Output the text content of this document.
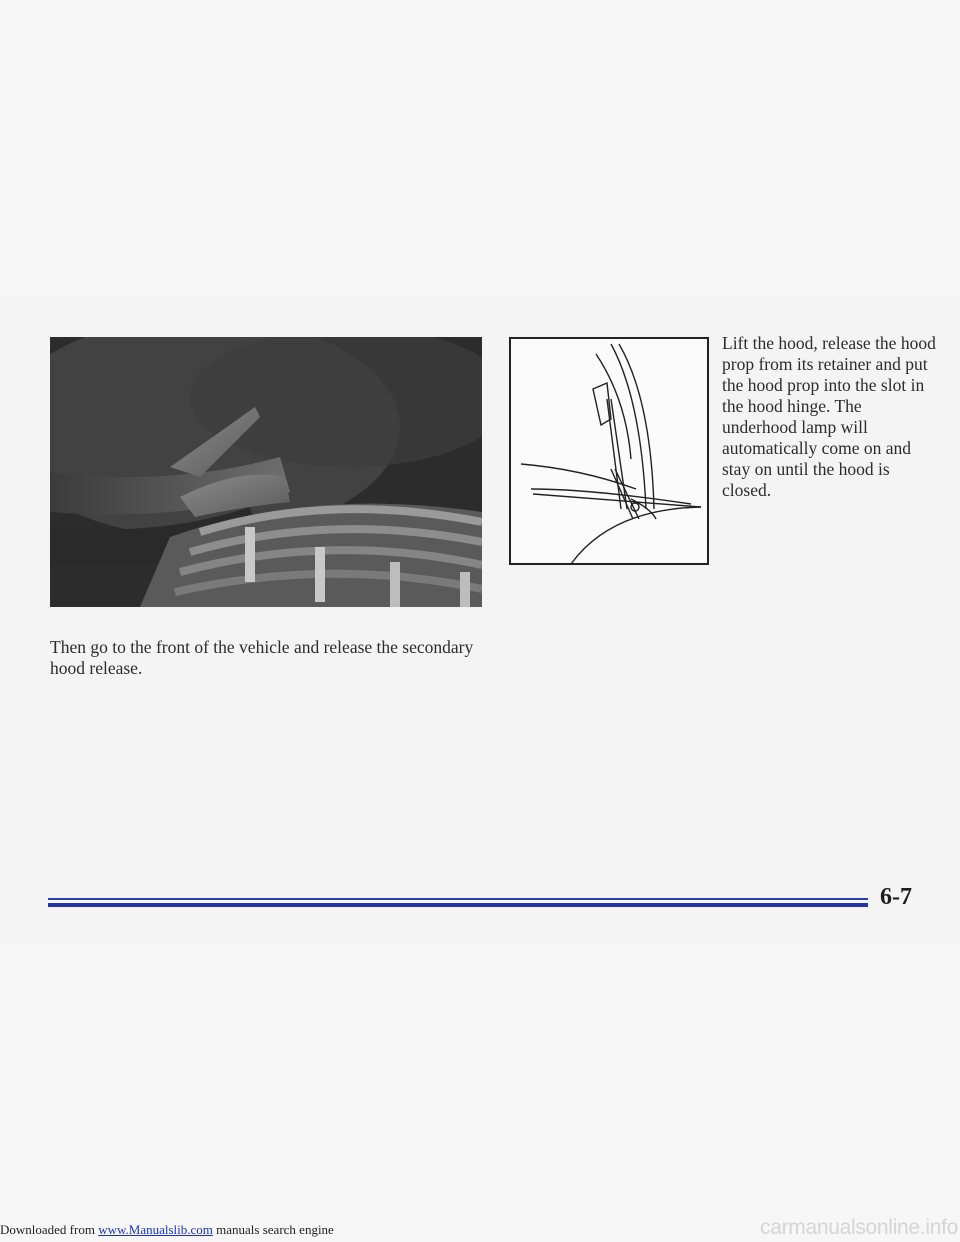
Lift the hood, release the hood prop from its retainer and put the hood prop into the slot in the hood hinge. The underhood lamp will automatically come on and stay on until the hood is closed.
Then go to the front of the vehicle and release the secondary hood release.
6-7
Downloaded from www.Manualslib.com manuals search engine	carmanualsonline.info
